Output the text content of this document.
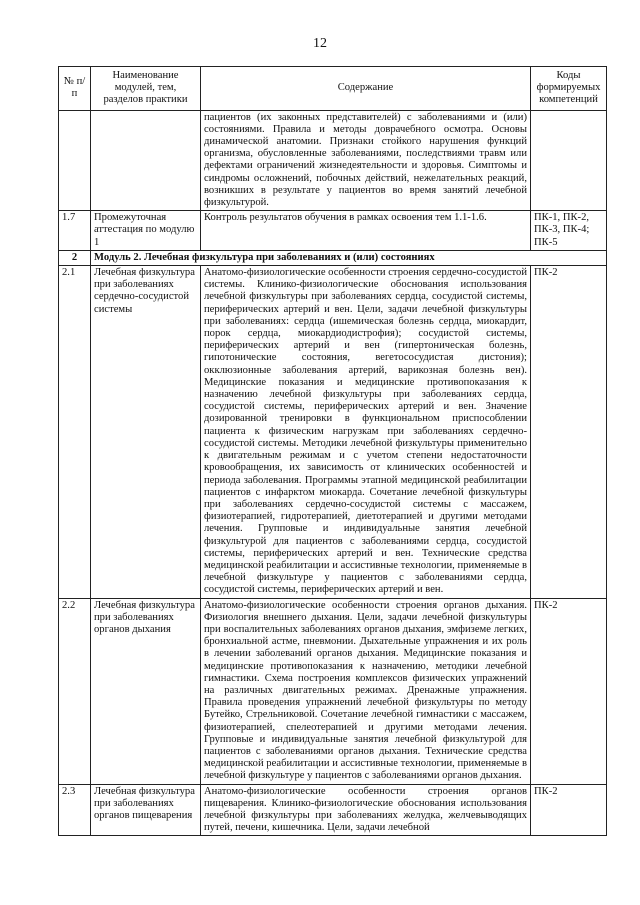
12
№ п/п	Наименование модулей, тем, разделов практики	Содержание	Коды формируемых компетенций
		пациентов (их законных представителей) с заболеваниями и (или) состояниями. Правила и методы доврачебного осмотра. Основы динамической анатомии. Признаки стойкого нарушения функций организма, обусловленные заболеваниями, последствиями травм или дефектами ограничений жизнедеятельности и здоровья. Симптомы и синдромы осложнений, побочных действий, нежелательных реакций, возникших в результате у пациентов во время занятий лечебной физкультурой.	
1.7	Промежуточная аттестация по модулю 1	Контроль результатов обучения в рамках освоения тем 1.1-1.6.	ПК-1, ПК-2, ПК-3, ПК-4; ПК-5
2	Модуль 2. Лечебная физкультура при заболеваниях и (или) состояниях		
2.1	Лечебная физкультура при заболеваниях сердечно-сосудистой системы	Анатомо-физиологические особенности строения сердечно-сосудистой системы. Клинико-физиологические обоснования использования лечебной физкультуры при заболеваниях сердца, сосудистой системы, периферических артерий и вен. Цели, задачи лечебной физкультуры при заболеваниях: сердца (ишемическая болезнь сердца, миокардит, порок сердца, миокардиодистрофия); сосудистой системы, периферических артерий и вен (гипертоническая болезнь, гипотонические состояния, вегетососудистая дистония); окклюзионные заболевания артерий, варикозная болезнь вен). Медицинские показания и медицинские противопоказания к назначению лечебной физкультуры при заболеваниях сердца, сосудистой системы, периферических артерий и вен. Значение дозированной тренировки в функциональном приспособлении пациента к физическим нагрузкам при заболеваниях сердечно-сосудистой системы. Методики лечебной физкультуры применительно к двигательным режимам и с учетом степени недостаточности кровообращения, их зависимость от клинических особенностей и периода заболевания. Программы этапной медицинской реабилитации пациентов с инфарктом миокарда. Сочетание лечебной физкультуры при заболеваниях сердечно-сосудистой системы с массажем, физиотерапией, гидротерапией, диетотерапией и другими методами лечения. Групповые и индивидуальные занятия лечебной физкультурой для пациентов с заболеваниями сердца, сосудистой системы, периферических артерий и вен. Технические средства медицинской реабилитации и ассистивные технологии, применяемые в лечебной физкультуре у пациентов с заболеваниями сердца, сосудистой системы, периферических артерий и вен.	ПК-2
2.2	Лечебная физкультура при заболеваниях органов дыхания	Анатомо-физиологические особенности строения органов дыхания. Физиология внешнего дыхания. Цели, задачи лечебной физкультуры при воспалительных заболеваниях органов дыхания, эмфиземе легких, бронхиальной астме, пневмонии. Дыхательные упражнения и их роль в лечении заболеваний органов дыхания. Медицинские показания и медицинские противопоказания к назначению, методики лечебной гимнастики. Схема построения комплексов физических упражнений на различных двигательных режимах. Дренажные упражнения. Правила проведения упражнений лечебной физкультуры по методу Бутейко, Стрельниковой. Сочетание лечебной гимнастики с массажем, физиотерапией, спелеотерапией и другими методами лечения. Групповые и индивидуальные занятия лечебной физкультурой для пациентов с заболеваниями органов дыхания. Технические средства медицинской реабилитации и ассистивные технологии, применяемые в лечебной физкультуре у пациентов с заболеваниями органов дыхания.	ПК-2
2.3	Лечебная физкультура при заболеваниях органов пищеварения	Анатомо-физиологические особенности строения органов пищеварения. Клинико-физиологические обоснования использования лечебной физкультуры при заболеваниях желудка, желчевыводящих путей, печени, кишечника. Цели, задачи лечебной	ПК-2
